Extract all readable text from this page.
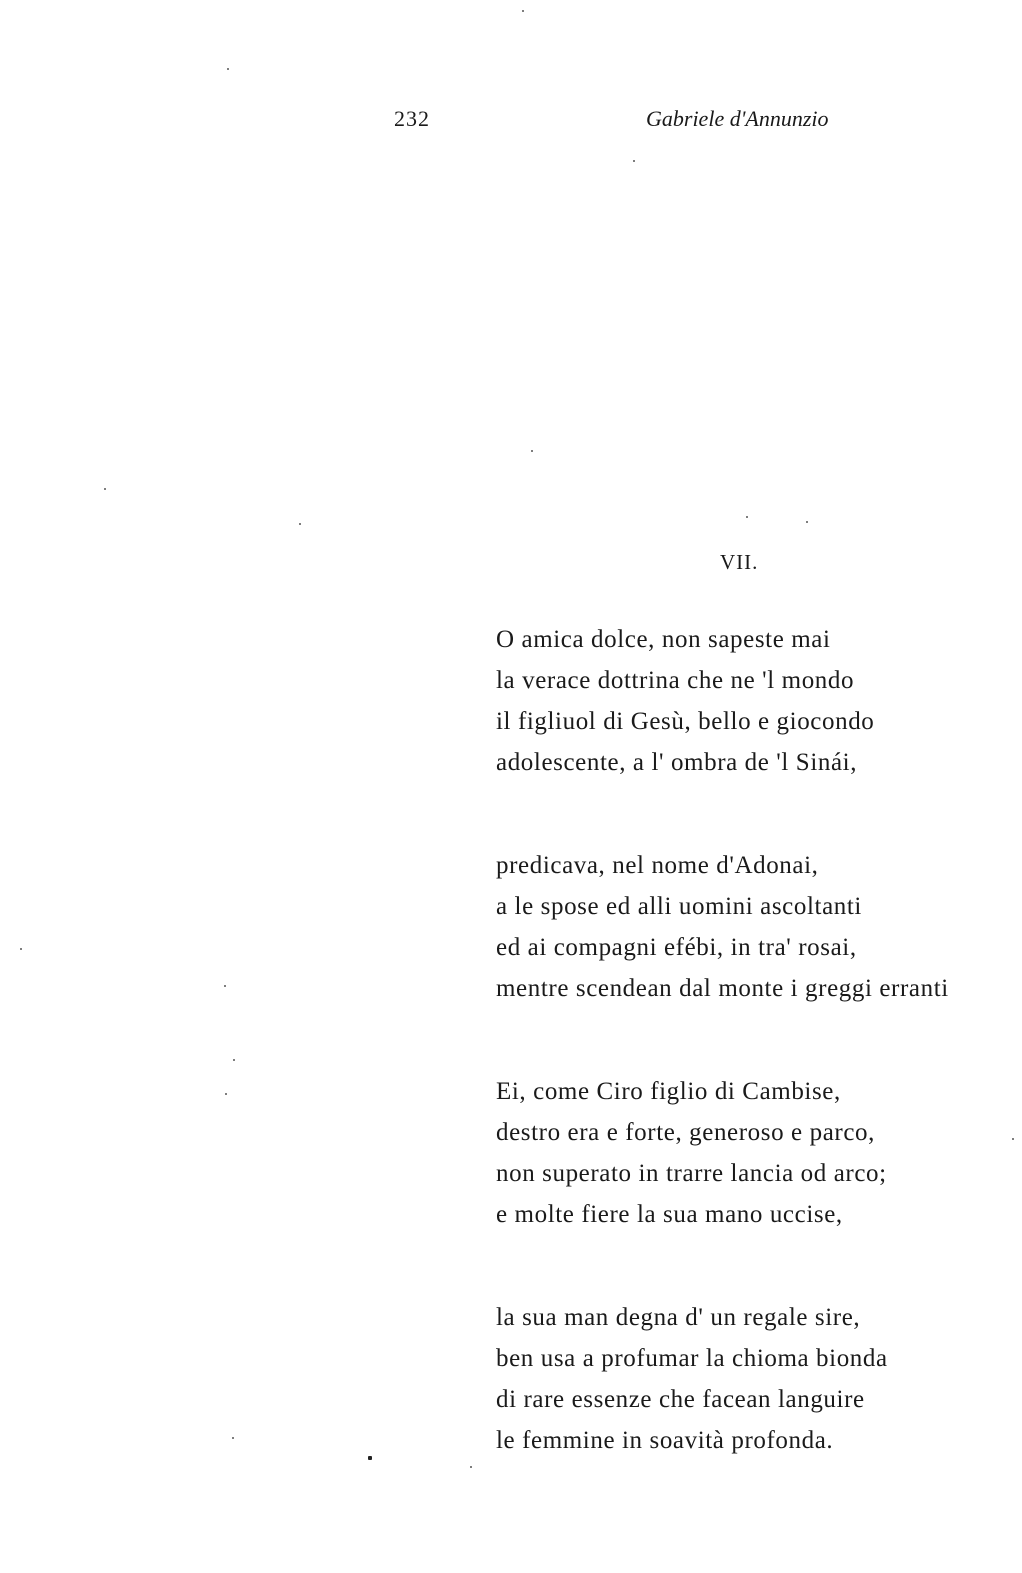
232	Gabriele d'Annunzio
VII.
O amica dolce, non sapeste mai
la verace dottrina che ne 'l mondo
il figliuol di Gesù, bello e giocondo
adolescente, a l' ombra de 'l Sinái,
predicava, nel nome d'Adonai,
a le spose ed alli uomini ascoltanti
ed ai compagni efébi, in tra' rosai,
mentre scendean dal monte i greggi erranti
Ei, come Ciro figlio di Cambise,
destro era e forte, generoso e parco,
non superato in trarre lancia od arco;
e molte fiere la sua mano uccise,
la sua man degna d' un regale sire,
ben usa a profumar la chioma bionda
di rare essenze che facean languire
le femmine in soavità profonda.
